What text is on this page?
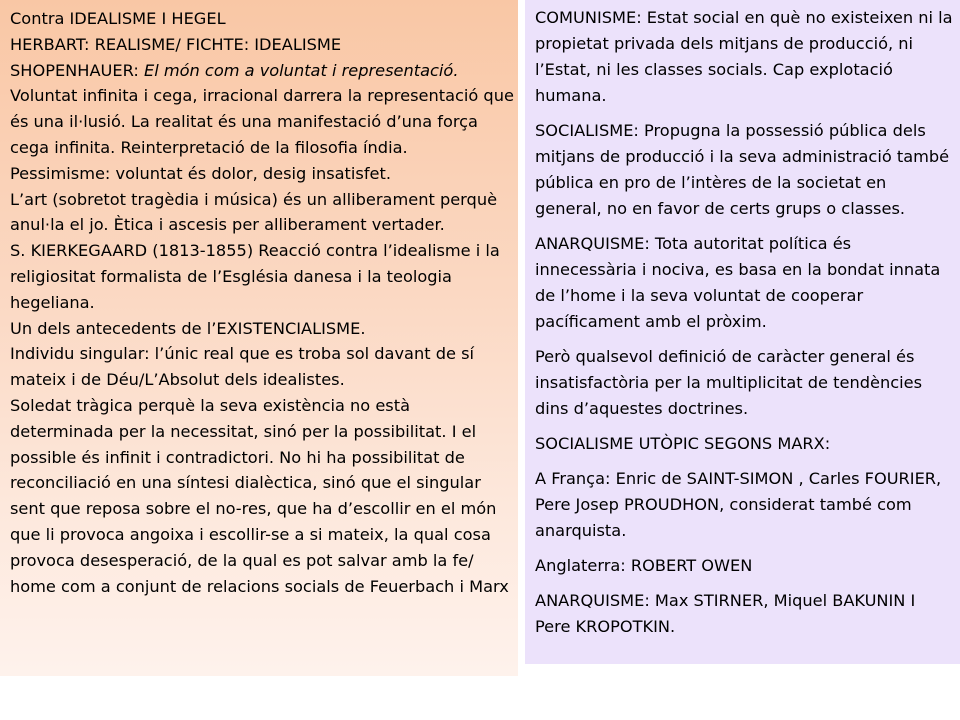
Contra IDEALISME I HEGEL

HERBART: REALISME/ FICHTE: IDEALISME

SHOPENHAUER: El món com a voluntat i representació.

Voluntat infinita i cega, irracional darrera la representació que és una il·lusió. La realitat és una manifestació d’una força cega infinita. Reinterpretació de la filosofia índia.

Pessimisme: voluntat és dolor, desig insatisfet.

L’art (sobretot tragèdia i música) és un alliberament perquè anul·la el jo. Ètica i ascesis per alliberament vertader.

S. KIERKEGAARD (1813-1855) Reacció contra l’idealisme i la religiositat formalista de l’Església danesa i la teologia hegeliana.

Un dels antecedents de l’EXISTENCIALISME.

Individu singular: l’únic real que es troba sol davant de sí mateix i de Déu/L’Absolut dels idealistes.

Soledat tràgica perquè la seva existència no està determinada per la necessitat, sinó per la possibilitat. I el possible és infinit i contradictori. No hi ha possibilitat de reconciliació en una síntesi dialèctica, sinó que el singular sent que reposa sobre el no-res, que ha d’escollir en el món que li provoca angoixa i escollir-se a si mateix, la qual cosa provoca desesperació, de la qual es pot salvar amb la fe/ home com a conjunt de relacions socials de Feuerbach i Marx

COMUNISME: Estat social en què no existeixen ni la propietat privada dels mitjans de producció, ni l’Estat, ni les classes socials. Cap explotació humana.

SOCIALISME: Propugna la possessió pública dels mitjans de producció i la seva administració també pública en pro de l’intères de la societat en general, no en favor de certs grups o classes.

ANARQUISME: Tota autoritat política és innecessària i nociva, es basa en la bondat innata de l’home i la seva voluntat de cooperar pacíficament amb el pròxim.

Però qualsevol definició de caràcter general és insatisfactòria per la multiplicitat de tendències dins d’aquestes doctrines.

SOCIALISME UTÒPIC SEGONS MARX:

A França: Enric de SAINT-SIMON , Carles FOURIER, Pere Josep PROUDHON, considerat també com anarquista.

Anglaterra: ROBERT OWEN

ANARQUISME: Max STIRNER, Miquel BAKUNIN I Pere KROPOTKIN.
